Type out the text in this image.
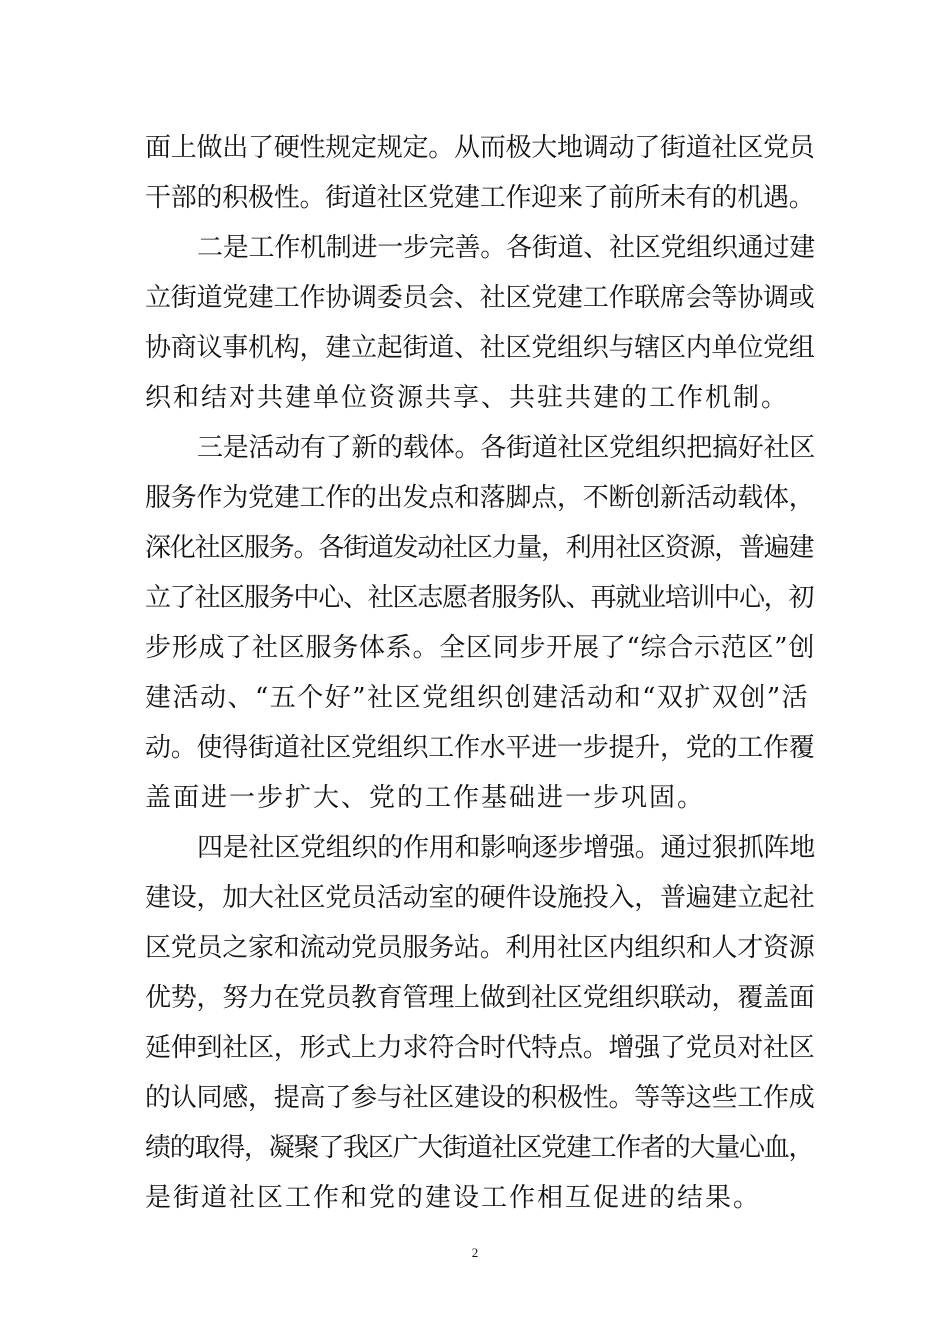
面上做出了硬性规定规定。从而极大地调动了街道社区党员
干部的积极性。街道社区党建工作迎来了前所未有的机遇。
二是工作机制进一步完善。各街道、社区党组织通过建
立街道党建工作协调委员会、社区党建工作联席会等协调或
协商议事机构，建立起街道、社区党组织与辖区内单位党组
织和结对共建单位资源共享、共驻共建的工作机制。
三是活动有了新的载体。各街道社区党组织把搞好社区
服务作为党建工作的出发点和落脚点，不断创新活动载体，
深化社区服务。各街道发动社区力量，利用社区资源，普遍建
立了社区服务中心、社区志愿者服务队、再就业培训中心，初
步形成了社区服务体系。全区同步开展了“综合示范区”创
建活动、“五个好”社区党组织创建活动和“双扩双创”活
动。使得街道社区党组织工作水平进一步提升，党的工作覆
盖面进一步扩大、党的工作基础进一步巩固。
四是社区党组织的作用和影响逐步增强。通过狠抓阵地
建设，加大社区党员活动室的硬件设施投入，普遍建立起社
区党员之家和流动党员服务站。利用社区内组织和人才资源
优势，努力在党员教育管理上做到社区党组织联动，覆盖面
延伸到社区，形式上力求符合时代特点。增强了党员对社区
的认同感，提高了参与社区建设的积极性。等等这些工作成
绩的取得，凝聚了我区广大街道社区党建工作者的大量心血，
是街道社区工作和党的建设工作相互促进的结果。
2
